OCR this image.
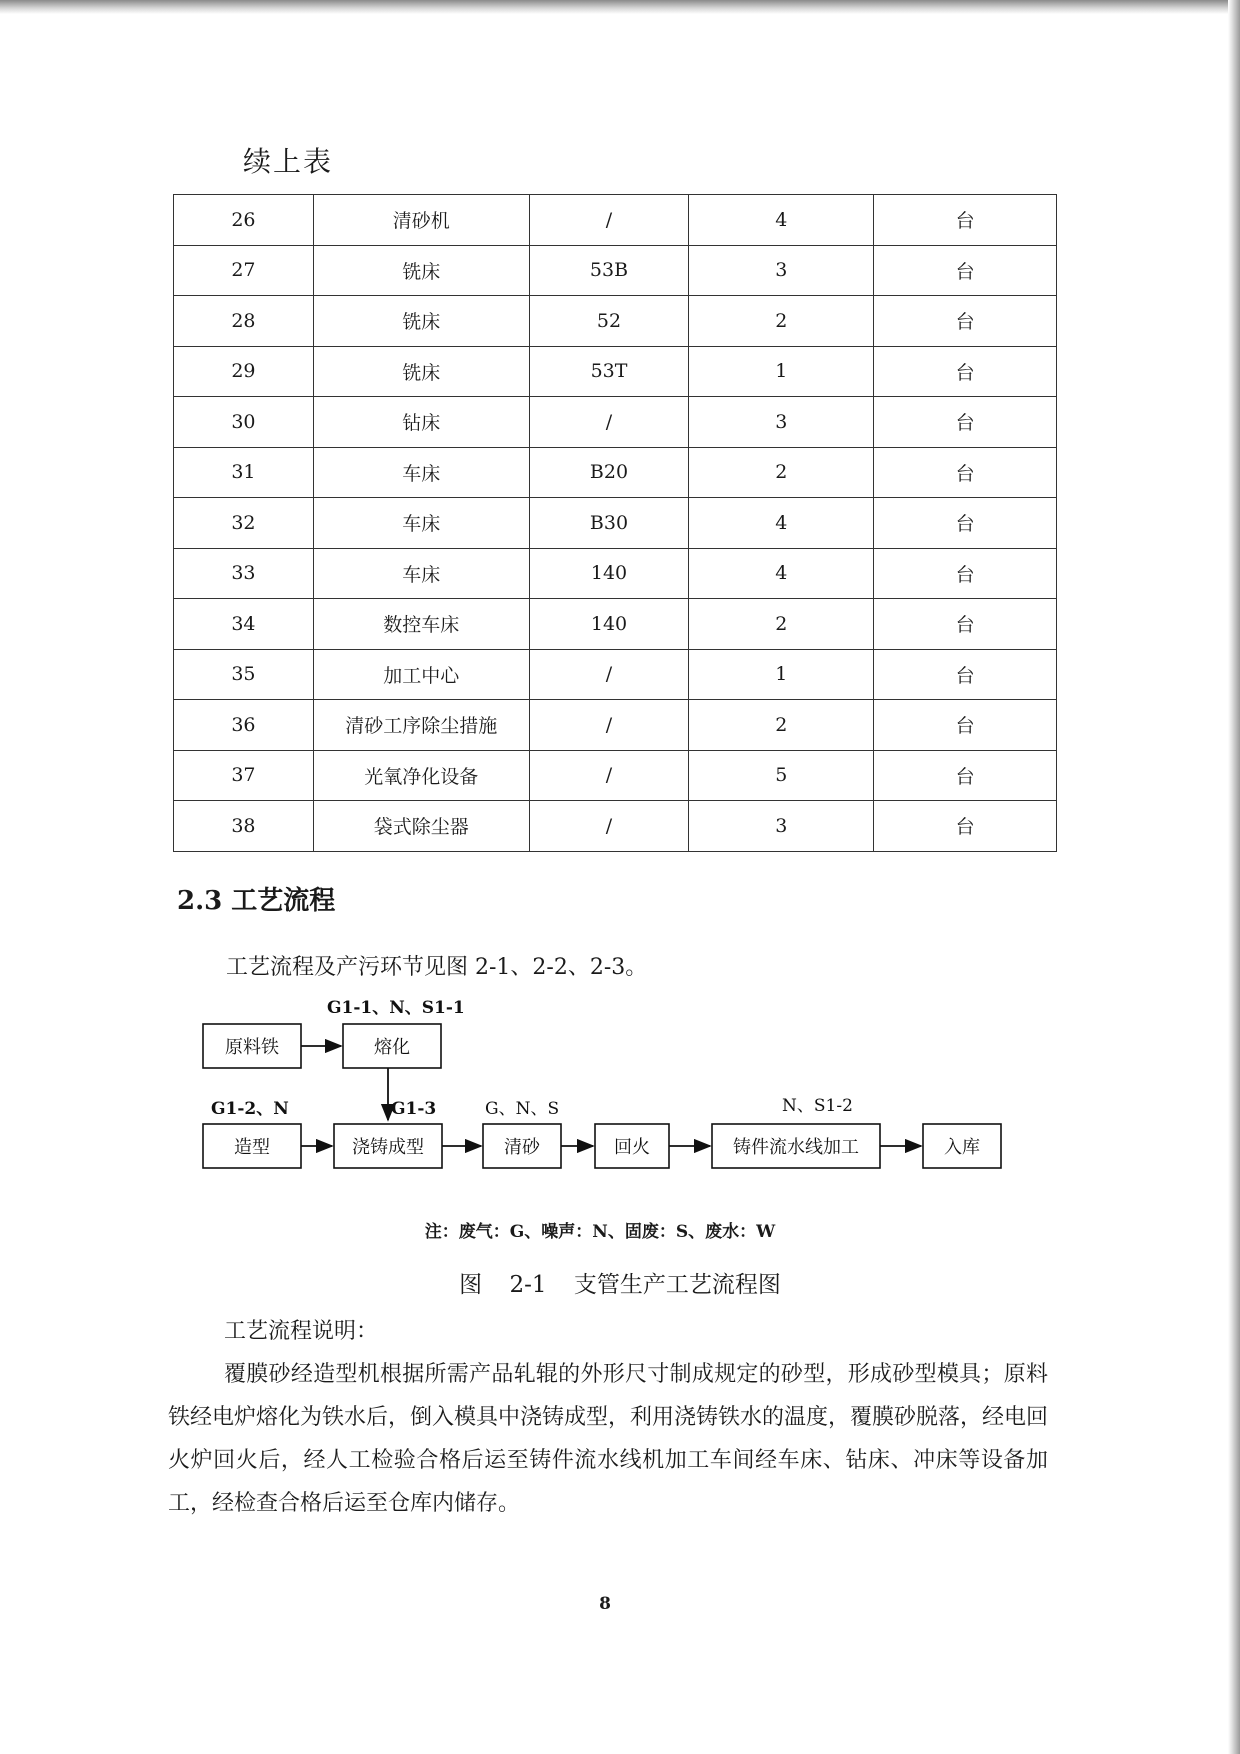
续上表
26	清砂机	/	4	台
27	铣床	53B	3	台
28	铣床	52	2	台
29	铣床	53T	1	台
30	钻床	/	3	台
31	车床	B20	2	台
32	车床	B30	4	台
33	车床	140	4	台
34	数控车床	140	2	台
35	加工中心	/	1	台
36	清砂工序除尘措施	/	2	台
37	光氧净化设备	/	5	台
38	袋式除尘器	/	3	台
2.3 工艺流程
工艺流程及产污环节见图 2-1、2-2、2-3。
G1-1、N、S1-1
原料铁	熔化
G1-2、N	G1-3	G、N、S	N、S1-2
造型	浇铸成型	清砂	回火	铸件流水线加工	入库
注：废气：G、噪声：N、固废：S、废水：W
图 2-1 支管生产工艺流程图
工艺流程说明：
覆膜砂经造型机根据所需产品轧辊的外形尺寸制成规定的砂型，形成砂型模具；原料铁经电炉熔化为铁水后，倒入模具中浇铸成型，利用浇铸铁水的温度，覆膜砂脱落，经电回火炉回火后，经人工检验合格后运至铸件流水线机加工车间经车床、钻床、冲床等设备加工，经检查合格后运至仓库内储存。
8
